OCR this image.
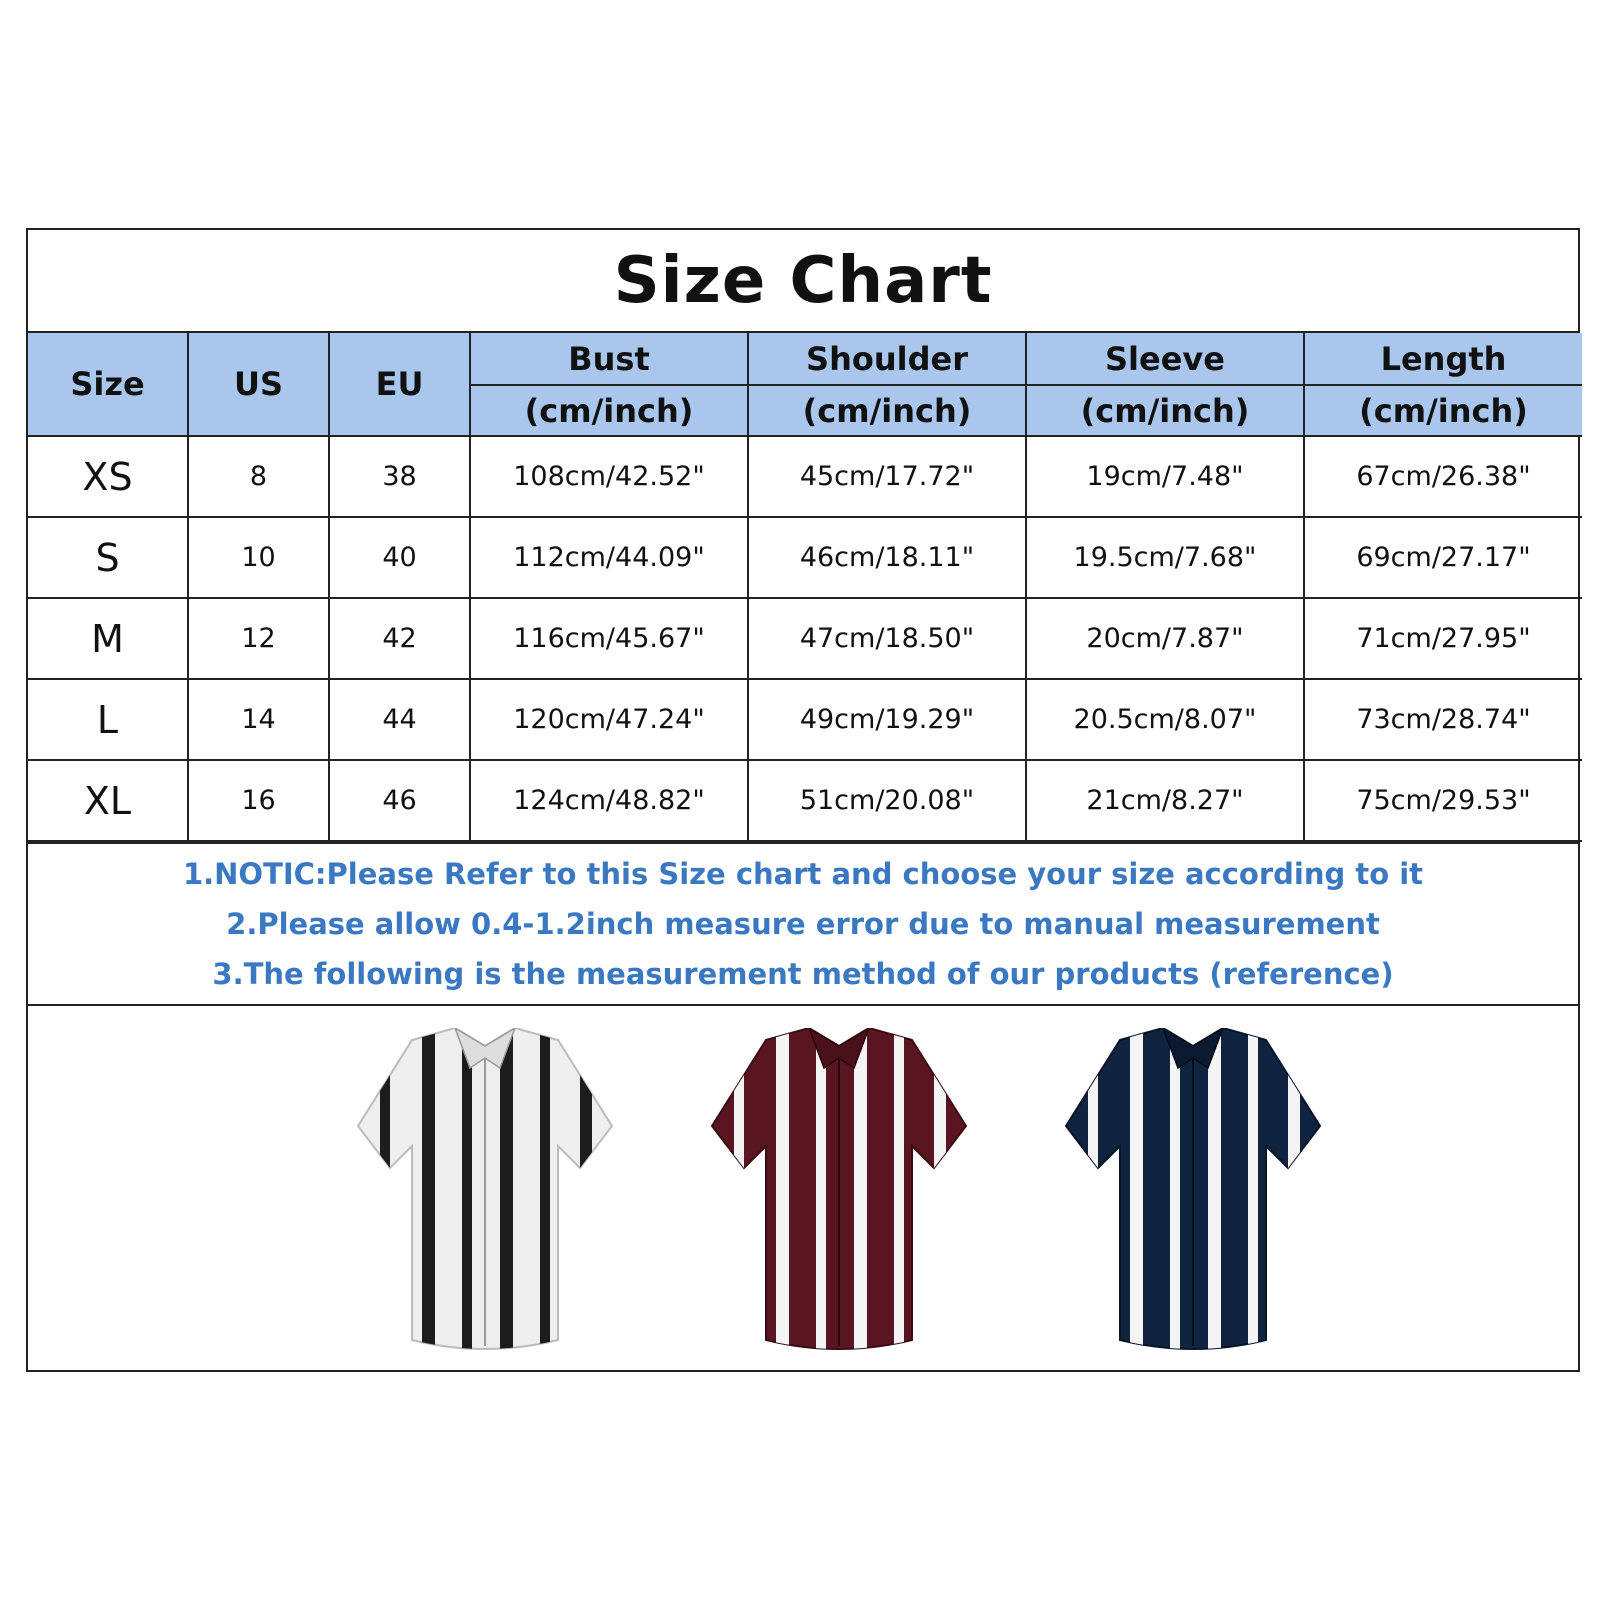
Size Chart
Size	US	EU	Bust	Shoulder	Sleeve	Length
			(cm/inch)	(cm/inch)	(cm/inch)	(cm/inch)
XS	8	38	108cm/42.52"	45cm/17.72"	19cm/7.48"	67cm/26.38"
S	10	40	112cm/44.09"	46cm/18.11"	19.5cm/7.68"	69cm/27.17"
M	12	42	116cm/45.67"	47cm/18.50"	20cm/7.87"	71cm/27.95"
L	14	44	120cm/47.24"	49cm/19.29"	20.5cm/8.07"	73cm/28.74"
XL	16	46	124cm/48.82"	51cm/20.08"	21cm/8.27"	75cm/29.53"
1.NOTIC:Please Refer to this Size chart and choose your size according to it
2.Please allow 0.4-1.2inch measure error due to manual measurement
3.The following is the measurement method of our products (reference)
